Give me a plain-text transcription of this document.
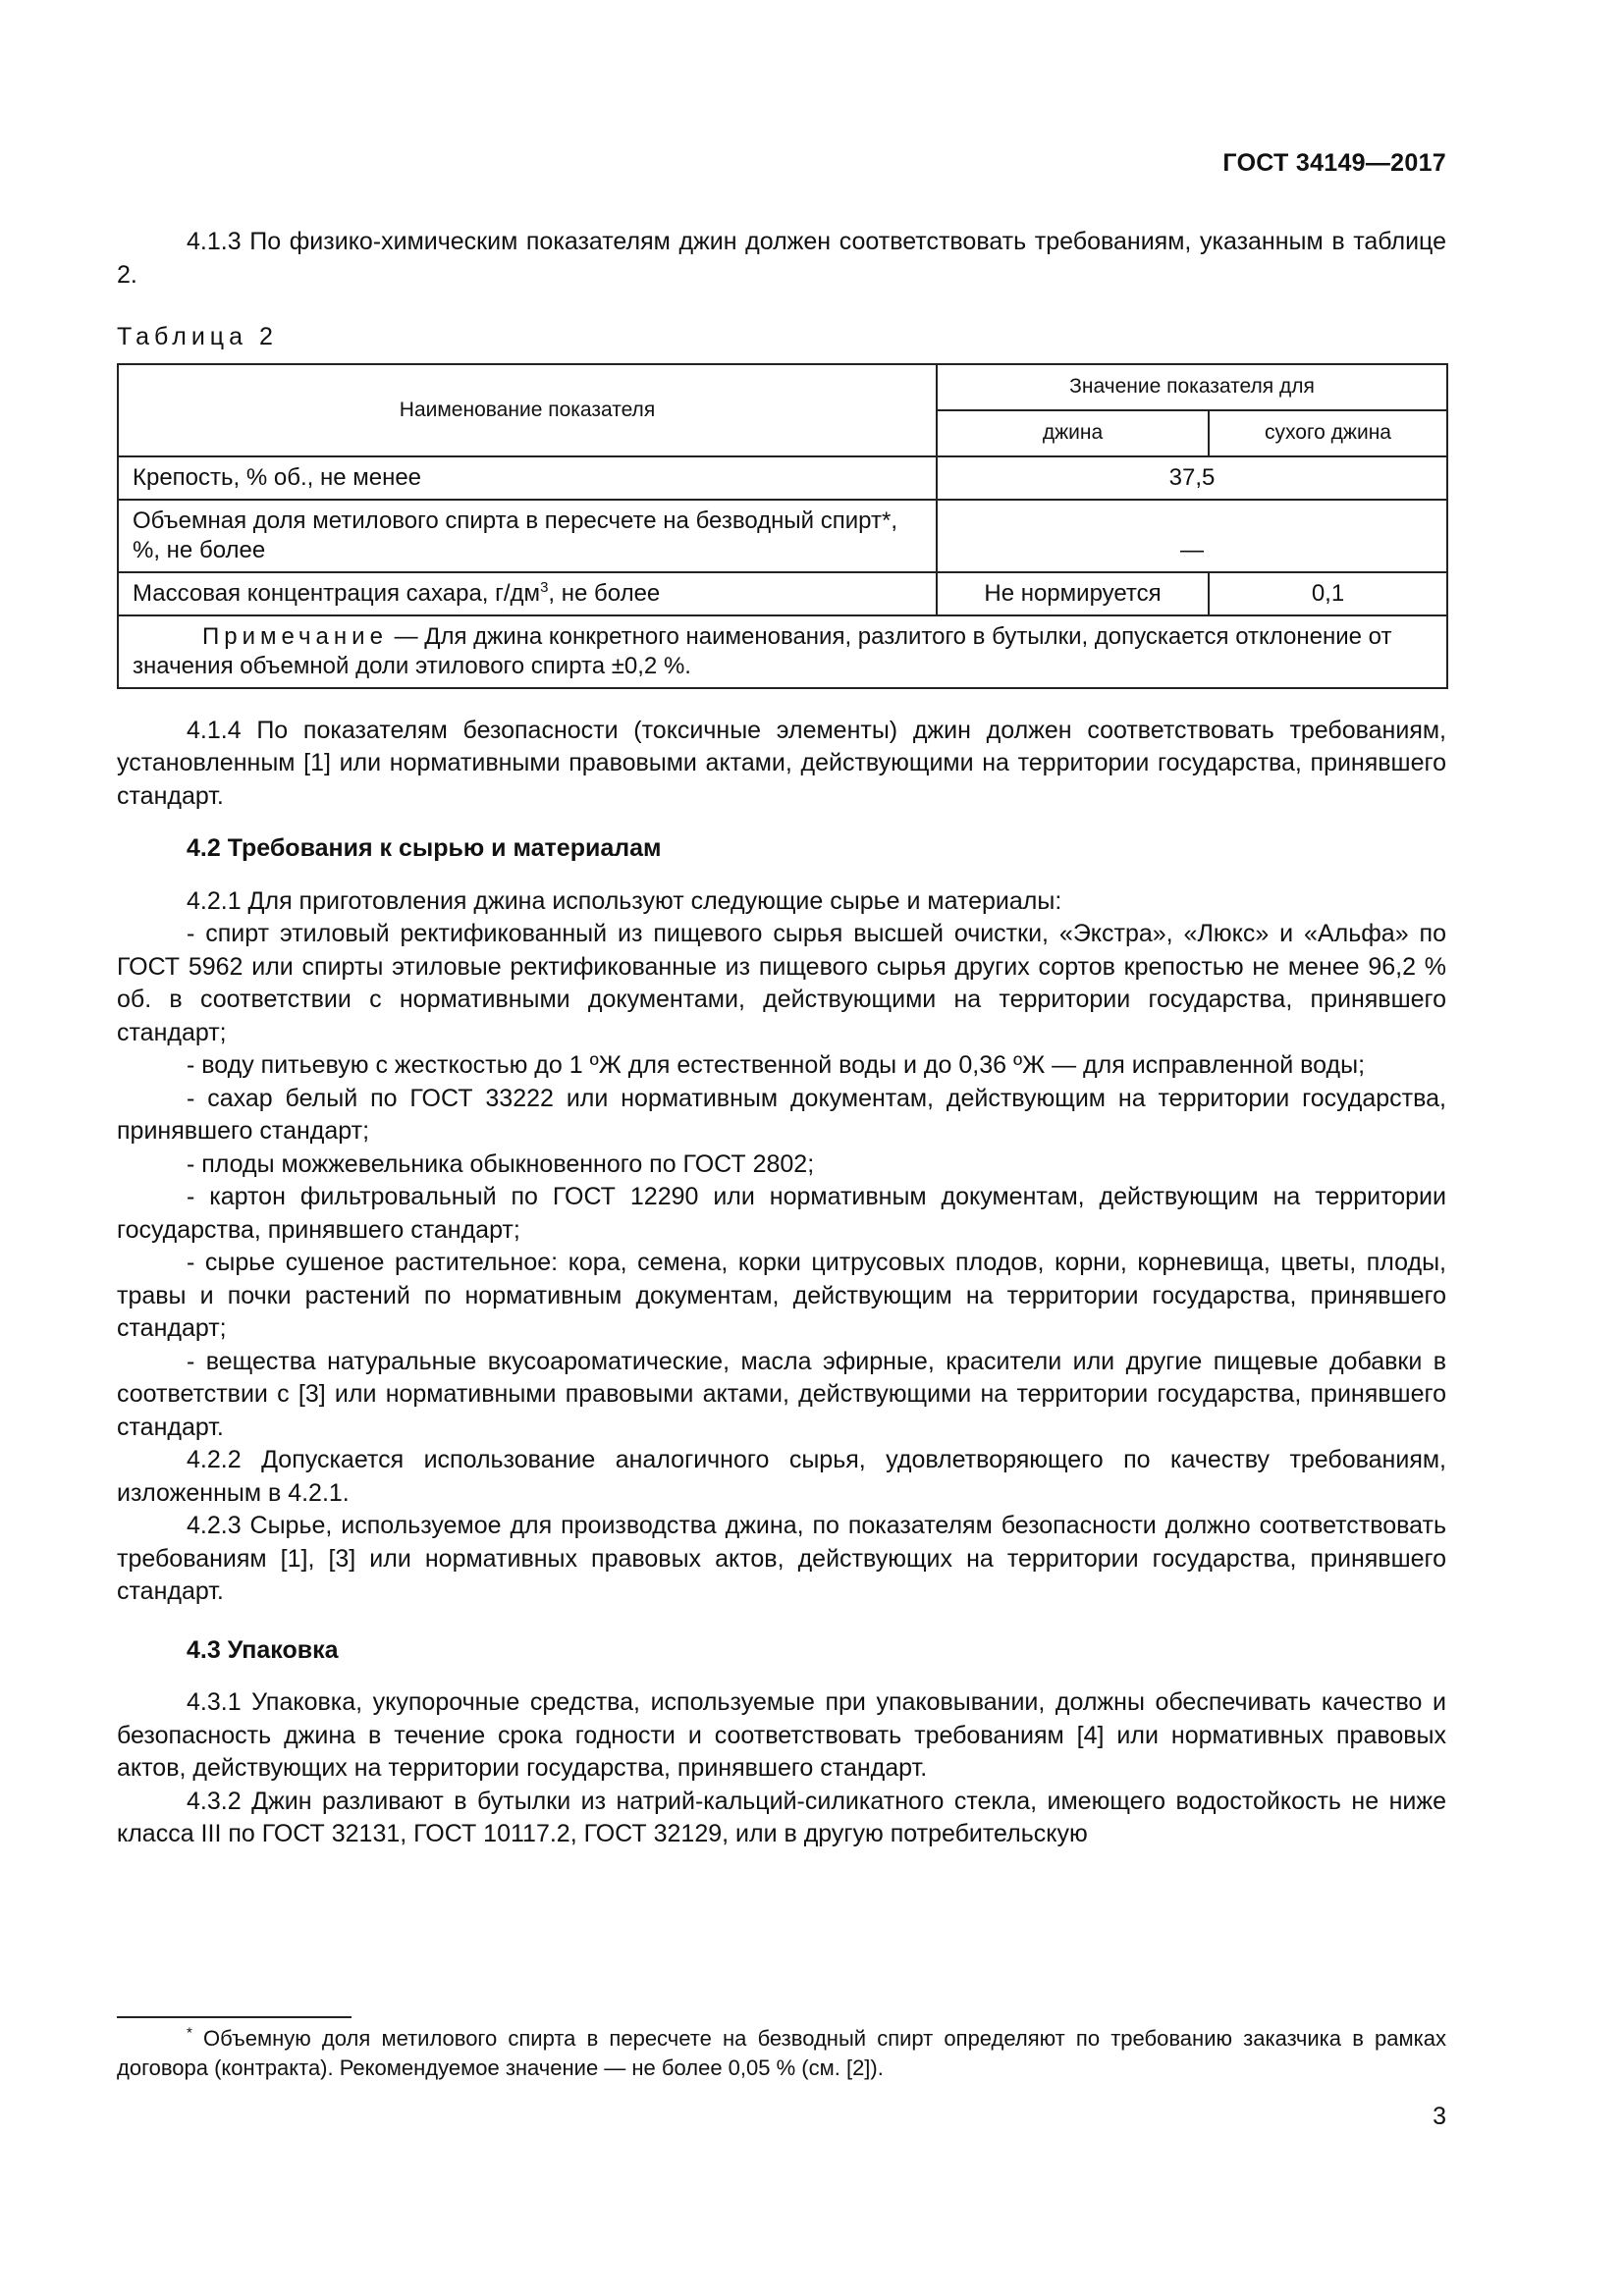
ГОСТ 34149—2017

4.1.3 По физико-химическим показателям джин должен соответствовать требованиям, указанным в таблице 2.

Таблица 2
Наименование показателя	Значение показателя для	
	джина	сухого джина
Крепость, % об., не менее	37,5	
Объемная доля метилового спирта в пересчете на безводный спирт*, %, не более	—	
Массовая концентрация сахара, $г/дм^3$, не более	Не нормируется	0,1
Примечание — Для джина конкретного наименования, разлитого в бутылки, допускается отклонение от значения объемной доли этилового спирта ±0,2 %.		

4.1.4 По показателям безопасности (токсичные элементы) джин должен соответствовать требованиям, установленным [1] или нормативными правовыми актами, действующими на территории государства, принявшего стандарт.

4.2 Требования к сырью и материалам

4.2.1 Для приготовления джина используют следующие сырье и материалы:

- спирт этиловый ректификованный из пищевого сырья высшей очистки, «Экстра», «Люкс» и «Альфа» по ГОСТ 5962 или спирты этиловые ректификованные из пищевого сырья других сортов крепостью не менее 96,2 % об. в соответствии с нормативными документами, действующими на территории государства, принявшего стандарт;

- воду питьевую с жесткостью до 1 ºЖ для естественной воды и до 0,36 ºЖ — для исправленной воды;

- сахар белый по ГОСТ 33222 или нормативным документам, действующим на территории государства, принявшего стандарт;

- плоды можжевельника обыкновенного по ГОСТ 2802;

- картон фильтровальный по ГОСТ 12290 или нормативным документам, действующим на территории государства, принявшего стандарт;

- сырье сушеное растительное: кора, семена, корки цитрусовых плодов, корни, корневища, цветы, плоды, травы и почки растений по нормативным документам, действующим на территории государства, принявшего стандарт;

- вещества натуральные вкусоароматические, масла эфирные, красители или другие пищевые добавки в соответствии с [3] или нормативными правовыми актами, действующими на территории государства, принявшего стандарт.

4.2.2 Допускается использование аналогичного сырья, удовлетворяющего по качеству требованиям, изложенным в 4.2.1.

4.2.3 Сырье, используемое для производства джина, по показателям безопасности должно соответствовать требованиям [1], [3] или нормативных правовых актов, действующих на территории государства, принявшего стандарт.

4.3 Упаковка

4.3.1 Упаковка, укупорочные средства, используемые при упаковывании, должны обеспечивать качество и безопасность джина в течение срока годности и соответствовать требованиям [4] или нормативных правовых актов, действующих на территории государства, принявшего стандарт.

4.3.2 Джин разливают в бутылки из натрий-кальций-силикатного стекла, имеющего водостойкость не ниже класса III по ГОСТ 32131, ГОСТ 10117.2, ГОСТ 32129, или в другую потребительскую

* Объемную доля метилового спирта в пересчете на безводный спирт определяют по требованию заказчика в рамках договора (контракта). Рекомендуемое значение — не более 0,05 % (см. [2]).
3
